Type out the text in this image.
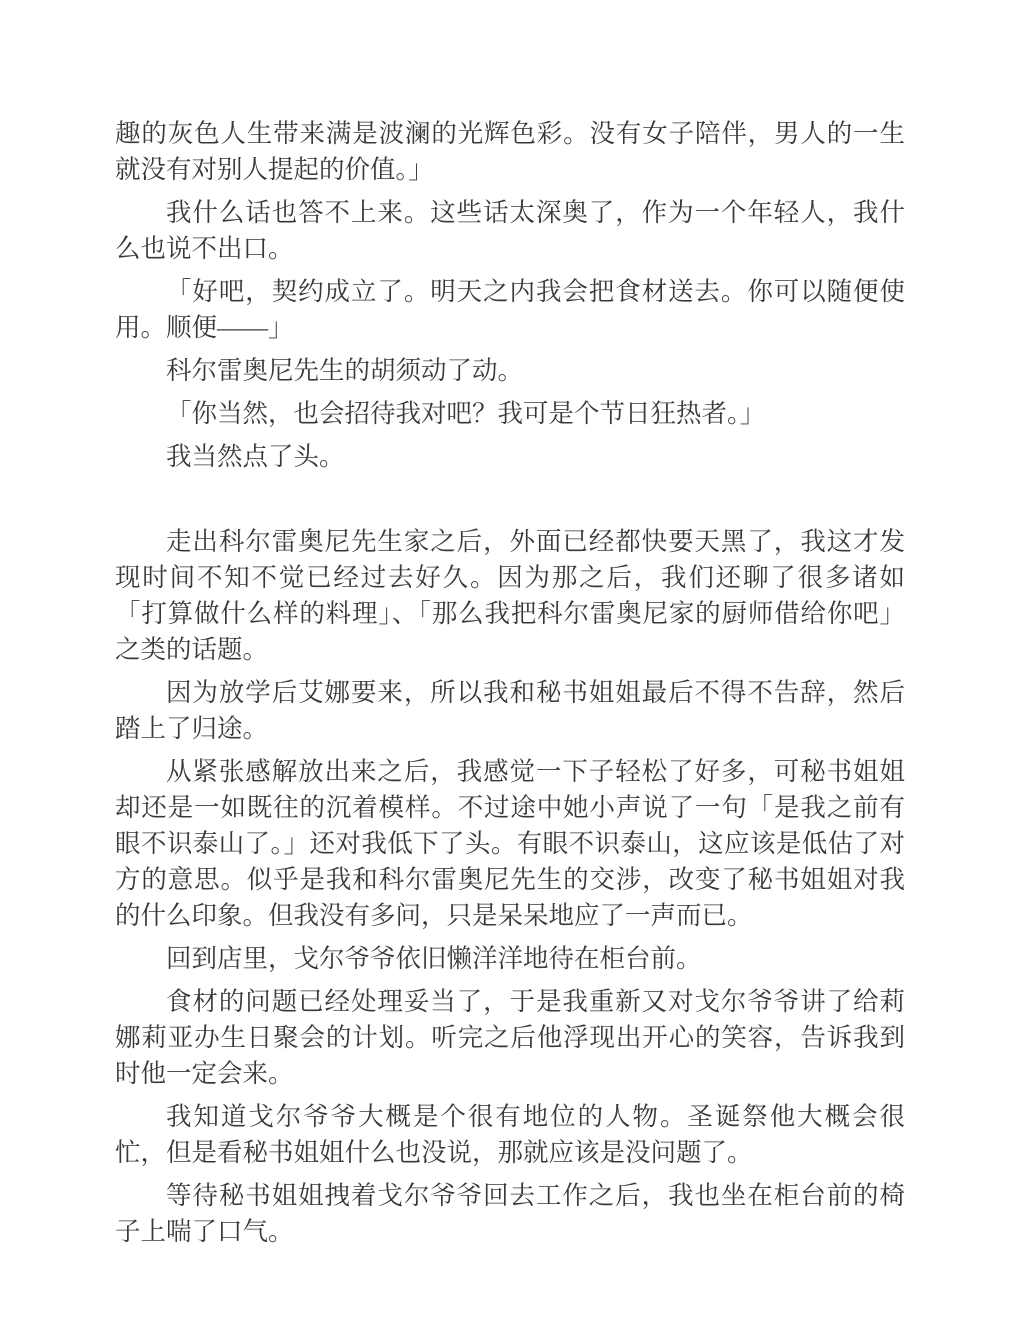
趣的灰色人生带来满是波澜的光辉色彩。没有女子陪伴，男人的一生就没有对别人提起的价值。」

我什么话也答不上来。这些话太深奥了，作为一个年轻人，我什么也说不出口。

「好吧，契约成立了。明天之内我会把食材送去。你可以随便使用。顺便——」

科尔雷奥尼先生的胡须动了动。

「你当然，也会招待我对吧？我可是个节日狂热者。」

我当然点了头。

走出科尔雷奥尼先生家之后，外面已经都快要天黑了，我这才发现时间不知不觉已经过去好久。因为那之后，我们还聊了很多诸如「打算做什么样的料理」、「那么我把科尔雷奥尼家的厨师借给你吧」之类的话题。

因为放学后艾娜要来，所以我和秘书姐姐最后不得不告辞，然后踏上了归途。

从紧张感解放出来之后，我感觉一下子轻松了好多，可秘书姐姐却还是一如既往的沉着模样。不过途中她小声说了一句「是我之前有眼不识泰山了。」还对我低下了头。有眼不识泰山，这应该是低估了对方的意思。似乎是我和科尔雷奥尼先生的交涉，改变了秘书姐姐对我的什么印象。但我没有多问，只是呆呆地应了一声而已。

回到店里，戈尔爷爷依旧懒洋洋地待在柜台前。

食材的问题已经处理妥当了，于是我重新又对戈尔爷爷讲了给莉娜莉亚办生日聚会的计划。听完之后他浮现出开心的笑容，告诉我到时他一定会来。

我知道戈尔爷爷大概是个很有地位的人物。圣诞祭他大概会很忙，但是看秘书姐姐什么也没说，那就应该是没问题了。

等待秘书姐姐拽着戈尔爷爷回去工作之后，我也坐在柜台前的椅子上喘了口气。
